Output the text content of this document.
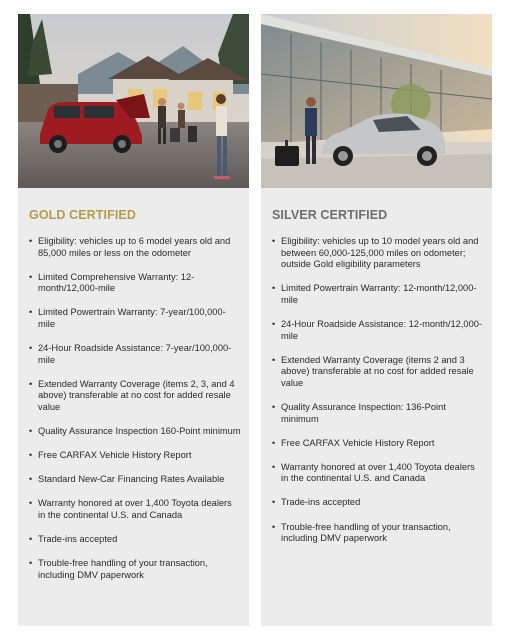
GOLD CERTIFIED
• Eligibility: vehicles up to 6 model years old and 85,000 miles or less on the odometer
• Limited Comprehensive Warranty: 12-month/12,000-mile
• Limited Powertrain Warranty: 7-year/100,000-mile
• 24-Hour Roadside Assistance: 7-year/100,000-mile
• Extended Warranty Coverage (items 2, 3, and 4 above) transferable at no cost for added resale value
• Quality Assurance Inspection 160-Point minimum
• Free CARFAX Vehicle History Report
• Standard New-Car Financing Rates Available
• Warranty honored at over 1,400 Toyota dealers in the continental U.S. and Canada
• Trade-ins accepted
• Trouble-free handling of your transaction, including DMV paperwork
SILVER CERTIFIED
• Eligibility: vehicles up to 10 model years old and between 60,000-125,000 miles on odometer; outside Gold eligibility parameters
• Limited Powertrain Warranty: 12-month/12,000-mile
• 24-Hour Roadside Assistance: 12-month/12,000-mile
• Extended Warranty Coverage (items 2 and 3 above) transferable at no cost for added resale value
• Quality Assurance Inspection: 136-Point minimum
• Free CARFAX Vehicle History Report
• Warranty honored at over 1,400 Toyota dealers in the continental U.S. and Canada
• Trade-ins accepted
• Trouble-free handling of your transaction, including DMV paperwork
